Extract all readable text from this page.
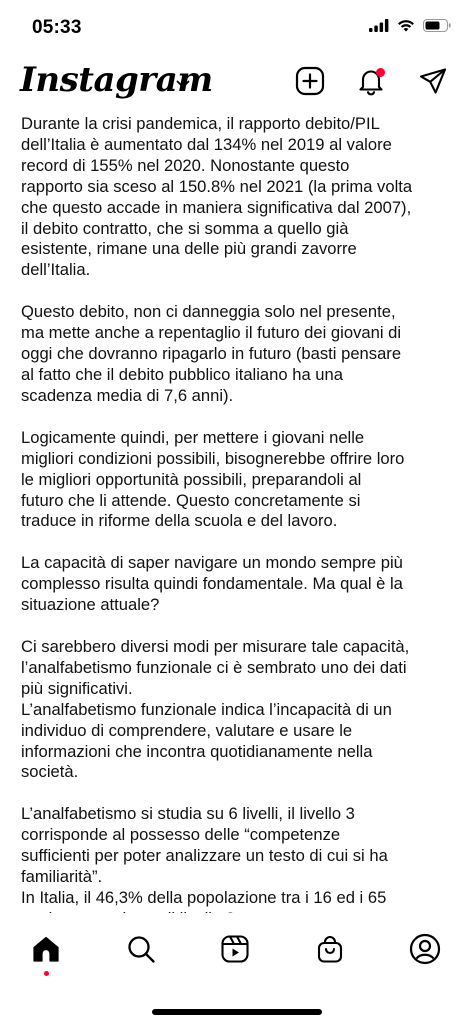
05:33
Instagram

Durante la crisi pandemica, il rapporto debito/PIL
dell’Italia è aumentato dal 134% nel 2019 al valore
record di 155% nel 2020. Nonostante questo
rapporto sia sceso al 150.8% nel 2021 (la prima volta
che questo accade in maniera significativa dal 2007),
il debito contratto, che si somma a quello già
esistente, rimane una delle più grandi zavorre
dell’Italia.

Questo debito, non ci danneggia solo nel presente,
ma mette anche a repentaglio il futuro dei giovani di
oggi che dovranno ripagarlo in futuro (basti pensare
al fatto che il debito pubblico italiano ha una
scadenza media di 7,6 anni).

Logicamente quindi, per mettere i giovani nelle
migliori condizioni possibili, bisognerebbe offrire loro
le migliori opportunità possibili, preparandoli al
futuro che li attende. Questo concretamente si
traduce in riforme della scuola e del lavoro.

La capacità di saper navigare un mondo sempre più
complesso risulta quindi fondamentale. Ma qual è la
situazione attuale?

Ci sarebbero diversi modi per misurare tale capacità,
l’analfabetismo funzionale ci è sembrato uno dei dati
più significativi.

L’analfabetismo funzionale indica l’incapacità di un
individuo di comprendere, valutare e usare le
informazioni che incontra quotidianamente nella
società.

L’analfabetismo si studia su 6 livelli, il livello 3
corrisponde al possesso delle “competenze
sufficienti per poter analizzare un testo di cui si ha
familiarità”.

In Italia, il 46,3% della popolazione tra i 16 ed i 65
